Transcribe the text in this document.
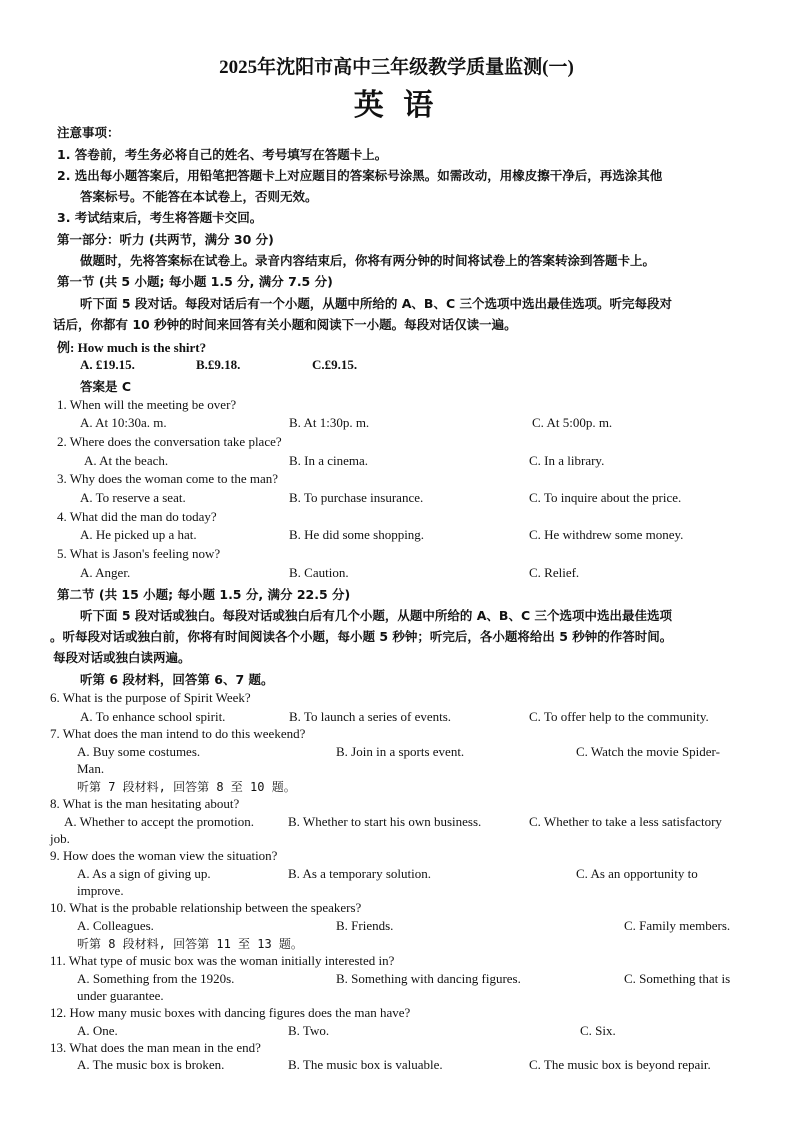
2025年沈阳市高中三年级教学质量监测(一)
英 语
注意事项：
1. 答卷前，考生务必将自己的姓名、考号填写在答题卡上。
2. 选出每小题答案后，用铅笔把答题卡上对应题目的答案标号涂黑。如需改动，用橡皮擦干净后，再选涂其他
答案标号。不能答在本试卷上，否则无效。
3. 考试结束后，考生将答题卡交回。
第一部分：听力 (共两节，满分 30 分)
做题时，先将答案标在试卷上。录音内容结束后，你将有两分钟的时间将试卷上的答案转涂到答题卡上。
第一节 (共 5 小题; 每小题 1.5 分, 满分 7.5 分)
听下面 5 段对话。每段对话后有一个小题，从题中所给的 A、B、C 三个选项中选出最佳选项。听完每段对
话后，你都有 10 秒钟的时间来回答有关小题和阅读下一小题。每段对话仅读一遍。
例: How much is the shirt?
A. £19.15.	B.£9.18.	C.£9.15.
答案是 C
1. When will the meeting be over?
A. At 10:30a. m.	B. At 1:30p. m.	C. At 5:00p. m.
2. Where does the conversation take place?
A. At the beach.	B. In a cinema.	C. In a library.
3. Why does the woman come to the man?
A. To reserve a seat.	B. To purchase insurance.	C. To inquire about the price.
4. What did the man do today?
A. He picked up a hat.	B. He did some shopping.	C. He withdrew some money.
5. What is Jason's feeling now?
A. Anger.	B. Caution.	C. Relief.
第二节 (共 15 小题; 每小题 1.5 分, 满分 22.5 分)
听下面 5 段对话或独白。每段对话或独白后有几个小题，从题中所给的 A、B、C 三个选项中选出最佳选项
。听每段对话或独白前，你将有时间阅读各个小题，每小题 5 秒钟；听完后，各小题将给出 5 秒钟的作答时间。
每段对话或独白读两遍。
听第 6 段材料，回答第 6、7 题。
6. What is the purpose of Spirit Week?
A. To enhance school spirit.	B. To launch a series of events.	C. To offer help to the community.
7. What does the man intend to do this weekend?
A. Buy some costumes.	B. Join in a sports event.	C. Watch the movie Spider-
Man.
听第 7 段材料, 回答第 8 至 10 题。
8. What is the man hesitating about?
A. Whether to accept the promotion.	B. Whether to start his own business.	C. Whether to take a less satisfactory
job.
9. How does the woman view the situation?
A. As a sign of giving up.	B. As a temporary solution.	C. As an opportunity to
improve.
10. What is the probable relationship between the speakers?
A. Colleagues.	B. Friends.	C. Family members.
听第 8 段材料, 回答第 11 至 13 题。
11. What type of music box was the woman initially interested in?
A. Something from the 1920s.	B. Something with dancing figures.	C. Something that is
under guarantee.
12. How many music boxes with dancing figures does the man have?
A. One.	B. Two.	C. Six.
13. What does the man mean in the end?
A. The music box is broken.	B. The music box is valuable.	C. The music box is beyond repair.
